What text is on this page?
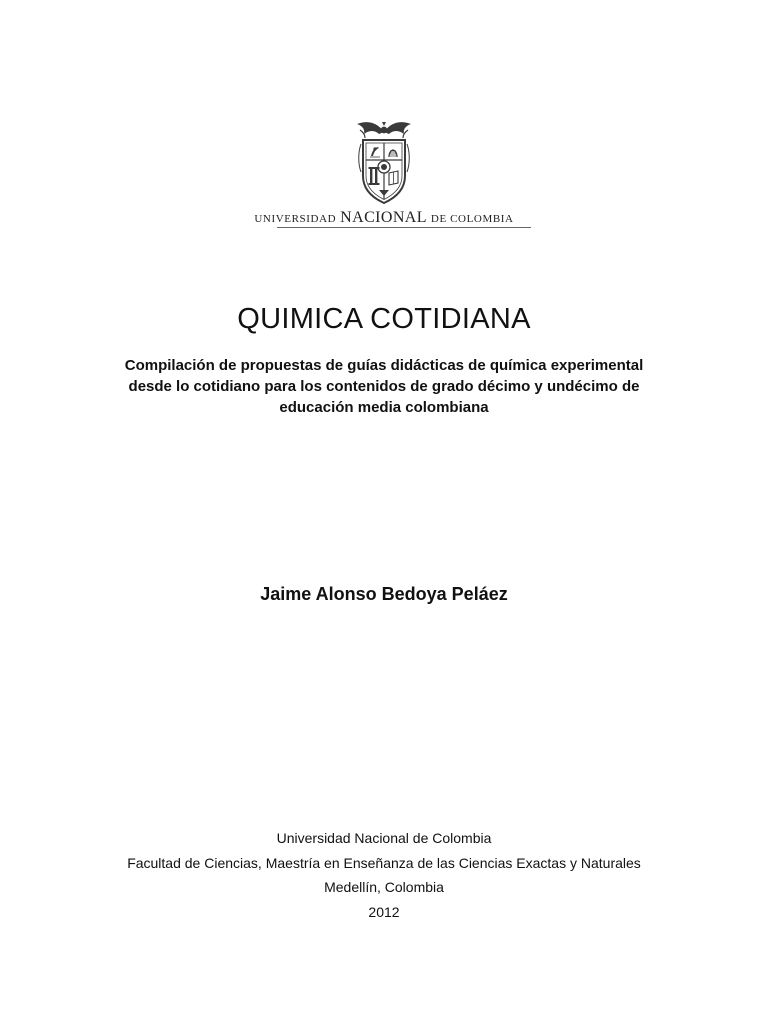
UNIVERSIDAD NACIONAL DE COLOMBIA
QUIMICA COTIDIANA
Compilación de propuestas de guías didácticas de química experimental
desde lo cotidiano para los contenidos de grado décimo y undécimo de
educación media colombiana
Jaime Alonso Bedoya Peláez
Universidad Nacional de Colombia
Facultad de Ciencias, Maestría en Enseñanza de las Ciencias Exactas y Naturales
Medellín, Colombia
2012
